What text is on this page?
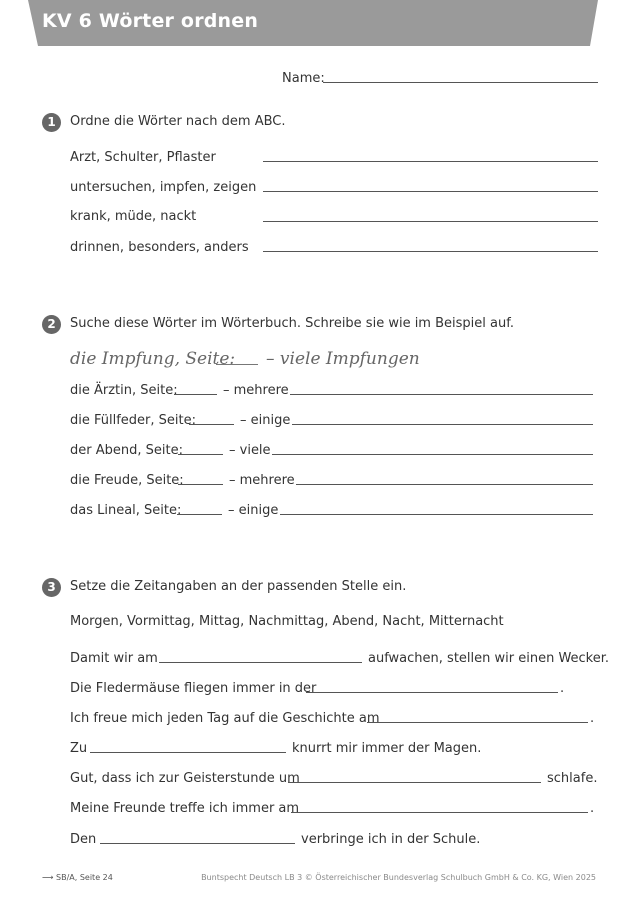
KV 6 Wörter ordnen
Name:
1	Ordne die Wörter nach dem ABC.
Arzt, Schulter, Pflaster
untersuchen, impfen, zeigen
krank, müde, nackt
drinnen, besonders, anders
2	Suche diese Wörter im Wörterbuch. Schreibe sie wie im Beispiel auf.
die Impfung, Seite: – viele Impfungen
die Ärztin, Seite:	– mehrere
die Füllfeder, Seite:	– einige
der Abend, Seite:	– viele
die Freude, Seite:	– mehrere
das Lineal, Seite:	– einige
3	Setze die Zeitangaben an der passenden Stelle ein.
Morgen, Vormittag, Mittag, Nachmittag, Abend, Nacht, Mitternacht
Damit wir am	aufwachen, stellen wir einen Wecker.
Die Fledermäuse fliegen immer in der	.
Ich freue mich jeden Tag auf die Geschichte am	.
Zu	knurrt mir immer der Magen.
Gut, dass ich zur Geisterstunde um	schlafe.
Meine Freunde treffe ich immer am	.
Den	verbringe ich in der Schule.
⟶ SB/A, Seite 24	Buntspecht Deutsch LB 3 © Österreichischer Bundesverlag Schulbuch GmbH & Co. KG, Wien 2025
